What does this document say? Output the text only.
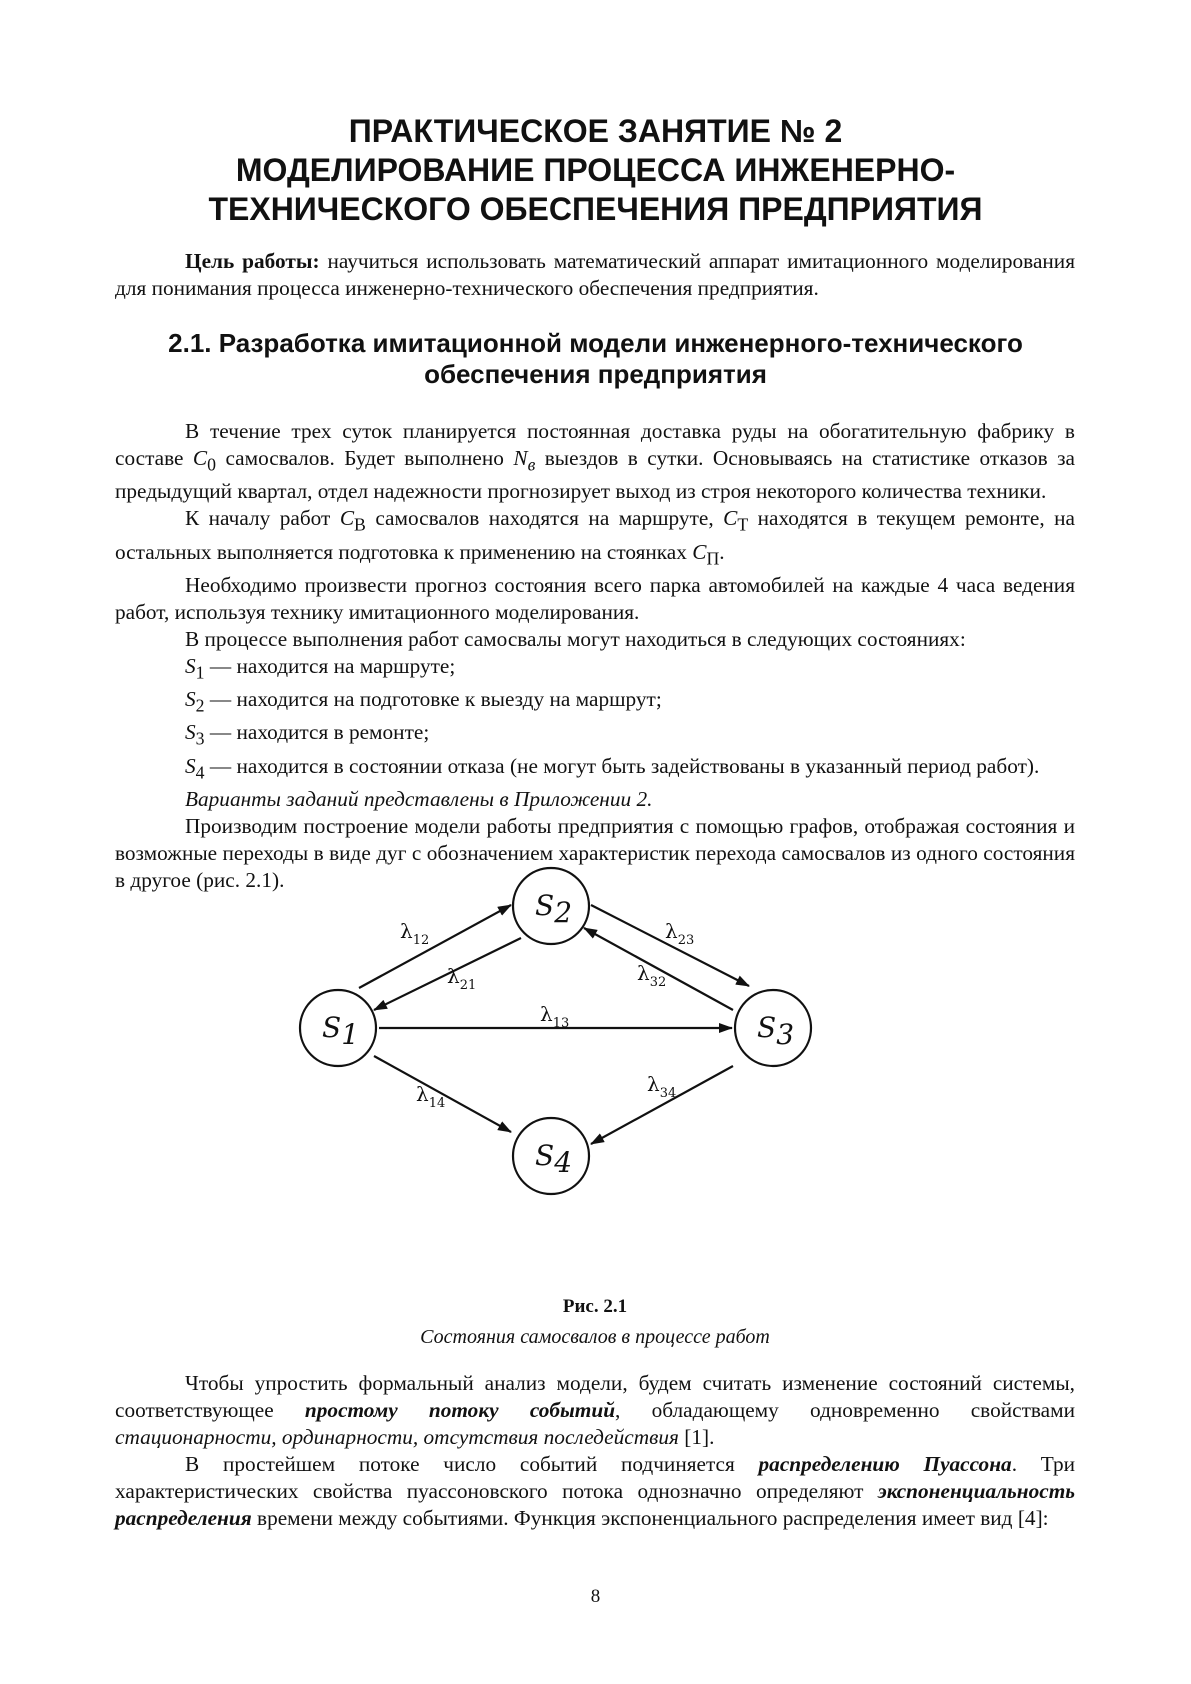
ПРАКТИЧЕСКОЕ ЗАНЯТИЕ № 2
МОДЕЛИРОВАНИЕ ПРОЦЕССА ИНЖЕНЕРНО-
ТЕХНИЧЕСКОГО ОБЕСПЕЧЕНИЯ ПРЕДПРИЯТИЯ

Цель работы: научиться использовать математический аппарат имитационного моделирования для понимания процесса инженерно-технического обеспечения предприятия.

2.1. Разработка имитационной модели инженерного-технического
обеспечения предприятия

В течение трех суток планируется постоянная доставка руды на обогатительную фабрику в составе $C_0$ самосвалов. Будет выполнено $N_в$ выездов в сутки. Основываясь на статистике отказов за предыдущий квартал, отдел надежности прогнозирует выход из строя некоторого количества техники.

К началу работ $C_В$ самосвалов находятся на маршруте, $C_Т$ находятся в текущем ремонте, на остальных выполняется подготовка к применению на стоянках $C_П$.

Необходимо произвести прогноз состояния всего парка автомобилей на каждые 4 часа ведения работ, используя технику имитационного моделирования.

В процессе выполнения работ самосвалы могут находиться в следующих состояниях:

$S_1$ — находится на маршруте;

$S_2$ — находится на подготовке к выезду на маршрут;

$S_3$ — находится в ремонте;

$S_4$ — находится в состоянии отказа (не могут быть задействованы в указанный период работ).

Варианты заданий представлены в Приложении 2.

Производим построение модели работы предприятия с помощью графов, отображая состояния и возможные переходы в виде дуг с обозначением характеристик перехода самосвалов из одного состояния в другое (рис. 2.1).

$\lambda_{12}$
$\lambda_{21}$
$\lambda_{23}$
$\lambda_{32}$
$\lambda_{13}$
$\lambda_{14}$
$\lambda_{34}$
S1
S2
S3
S4
Рис. 2.1
Состояния самосвалов в процессе работ

Чтобы упростить формальный анализ модели, будем считать изменение состояний системы, соответствующее простому потоку событий, обладающему одновременно свойствами стационарности, ординарности, отсутствия последействия [1].

В простейшем потоке число событий подчиняется распределению Пуассона. Три характеристических свойства пуассоновского потока однозначно определяют экспоненциальность распределения времени между событиями. Функция экспоненциального распределения имеет вид [4]:

8
